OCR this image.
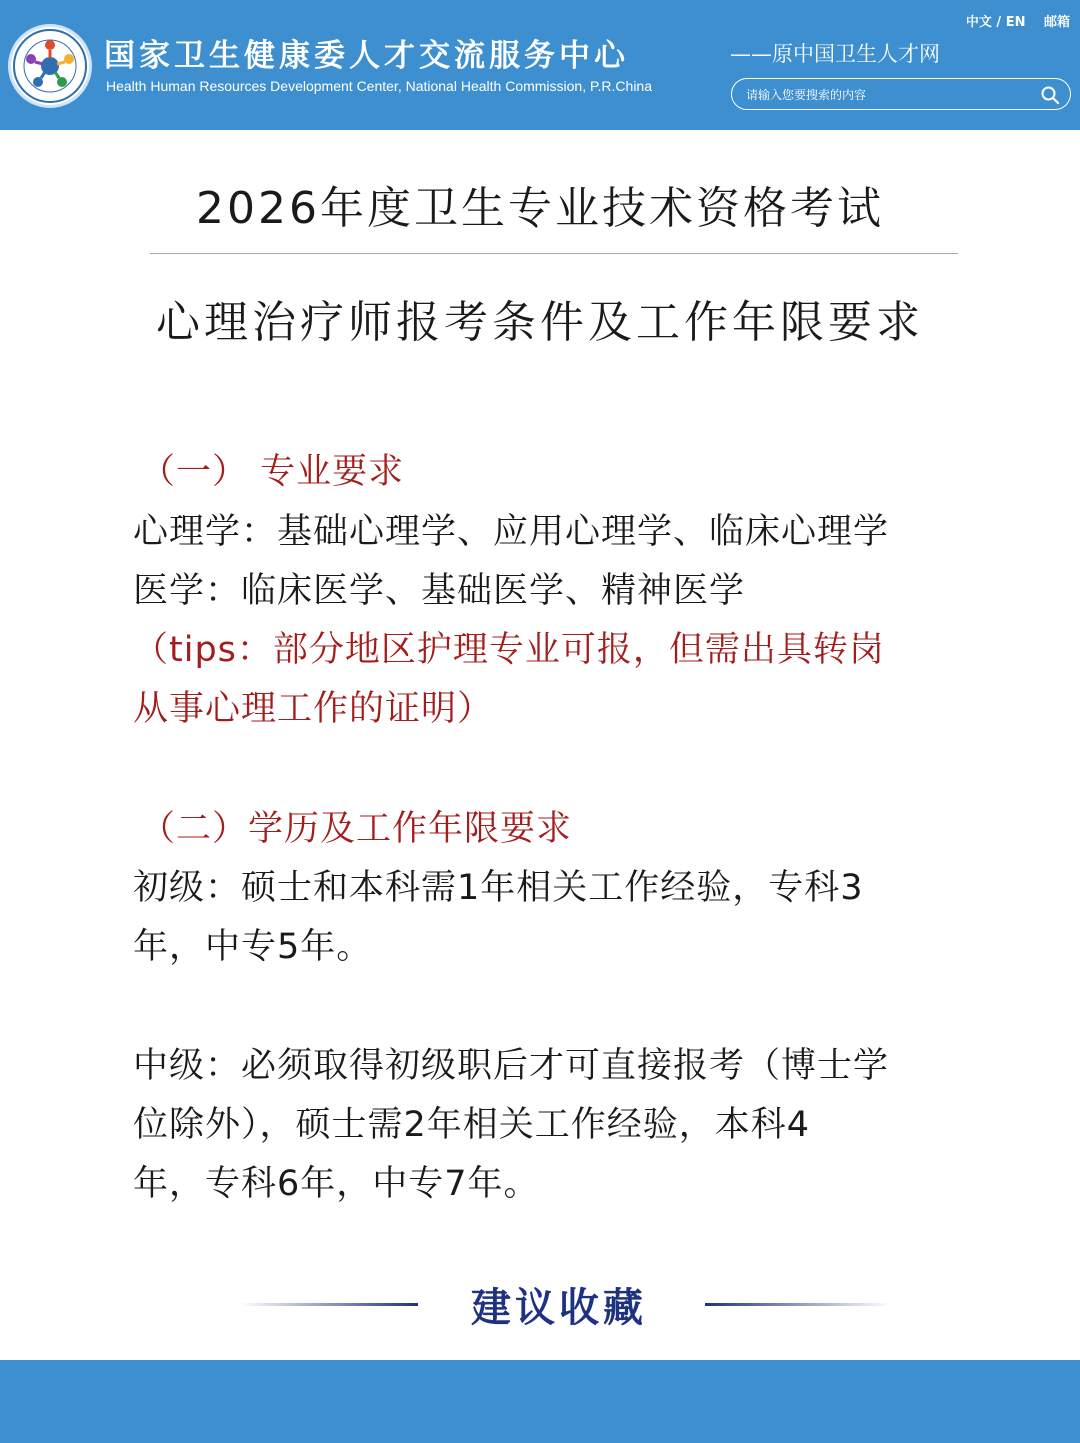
国家卫生健康委人才交流服务中心
Health Human Resources Development Center, National Health Commission, P.R.China
中文 / EN 邮箱
——原中国卫生人才网
请输入您要搜索的内容
2026年度卫生专业技术资格考试
心理治疗师报考条件及工作年限要求
（一） 专业要求
心理学：基础心理学、应用心理学、临床心理学
医学：临床医学、基础医学、精神医学
（tips：部分地区护理专业可报，但需出具转岗
从事心理工作的证明）
（二）学历及工作年限要求
初级：硕士和本科需1年相关工作经验，专科3
年，中专5年。
中级：必须取得初级职后才可直接报考（博士学
位除外），硕士需2年相关工作经验，本科4
年，专科6年，中专7年。
建议收藏
